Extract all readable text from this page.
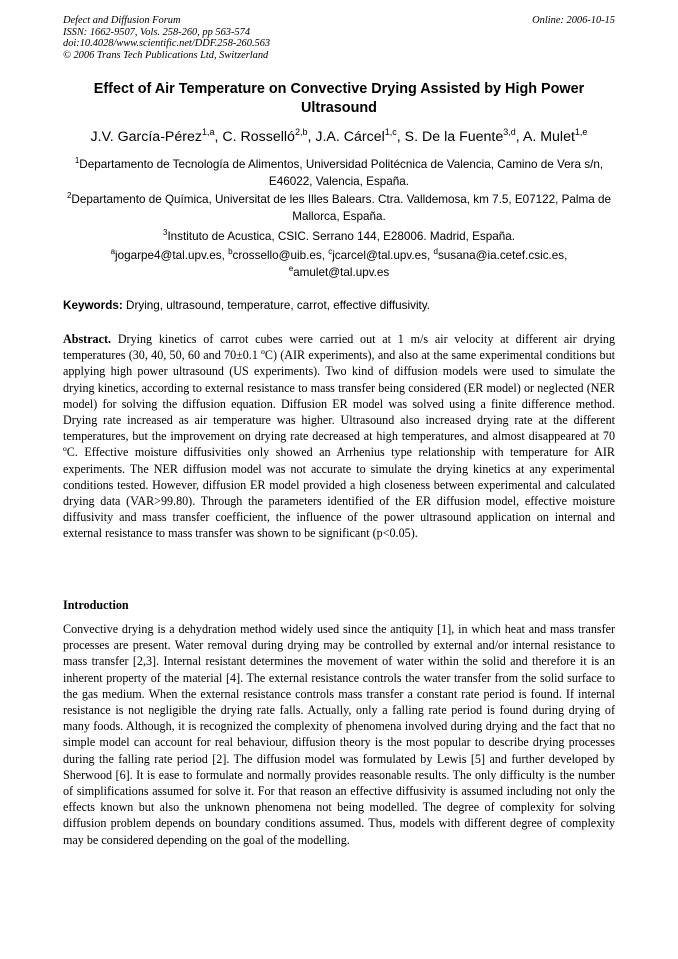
Defect and Diffusion Forum
ISSN: 1662-9507, Vols. 258-260, pp 563-574
doi:10.4028/www.scientific.net/DDF.258-260.563
© 2006 Trans Tech Publications Ltd, Switzerland
Online: 2006-10-15
Effect of Air Temperature on Convective Drying Assisted by High Power Ultrasound
J.V. García-Pérez$^{1,a}$, C. Rosselló$^{2,b}$, J.A. Cárcel$^{1,c}$, S. De la Fuente$^{3,d}$, A. Mulet$^{1,e}$
$^1$Departamento de Tecnología de Alimentos, Universidad Politécnica de Valencia, Camino de Vera s/n, E46022, Valencia, España.
$^2$Departamento de Química, Universitat de les Illes Balears. Ctra. Valldemosa, km 7.5, E07122, Palma de Mallorca, España.
$^3$Instituto de Acustica, CSIC. Serrano 144, E28006. Madrid, España.
$^a$jogarpe4@tal.upv.es, $^b$crossello@uib.es, $^c$jcarcel@tal.upv.es, $^d$susana@ia.cetef.csic.es,
$^e$amulet@tal.upv.es
Keywords: Drying, ultrasound, temperature, carrot, effective diffusivity.

Abstract. Drying kinetics of carrot cubes were carried out at 1 m/s air velocity at different air drying temperatures (30, 40, 50, 60 and 70±0.1 ºC) (AIR experiments), and also at the same experimental conditions but applying high power ultrasound (US experiments). Two kind of diffusion models were used to simulate the drying kinetics, according to external resistance to mass transfer being considered (ER model) or neglected (NER model) for solving the diffusion equation. Diffusion ER model was solved using a finite difference method. Drying rate increased as air temperature was higher. Ultrasound also increased drying rate at the different temperatures, but the improvement on drying rate decreased at high temperatures, and almost disappeared at 70 ºC. Effective moisture diffusivities only showed an Arrhenius type relationship with temperature for AIR experiments. The NER diffusion model was not accurate to simulate the drying kinetics at any experimental conditions tested. However, diffusion ER model provided a high closeness between experimental and calculated drying data (VAR>99.80). Through the parameters identified of the ER diffusion model, effective moisture diffusivity and mass transfer coefficient, the influence of the power ultrasound application on internal and external resistance to mass transfer was shown to be significant (p<0.05).

Introduction

Convective drying is a dehydration method widely used since the antiquity [1], in which heat and mass transfer processes are present. Water removal during drying may be controlled by external and/or internal resistance to mass transfer [2,3]. Internal resistant determines the movement of water within the solid and therefore it is an inherent property of the material [4]. The external resistance controls the water transfer from the solid surface to the gas medium. When the external resistance controls mass transfer a constant rate period is found. If internal resistance is not negligible the drying rate falls. Actually, only a falling rate period is found during drying of many foods. Although, it is recognized the complexity of phenomena involved during drying and the fact that no simple model can account for real behaviour, diffusion theory is the most popular to describe drying processes during the falling rate period [2]. The diffusion model was formulated by Lewis [5] and further developed by Sherwood [6]. It is ease to formulate and normally provides reasonable results. The only difficulty is the number of simplifications assumed for solve it. For that reason an effective diffusivity is assumed including not only the effects known but also the unknown phenomena not being modelled. The degree of complexity for solving diffusion problem depends on boundary conditions assumed. Thus, models with different degree of complexity may be considered depending on the goal of the modelling.
